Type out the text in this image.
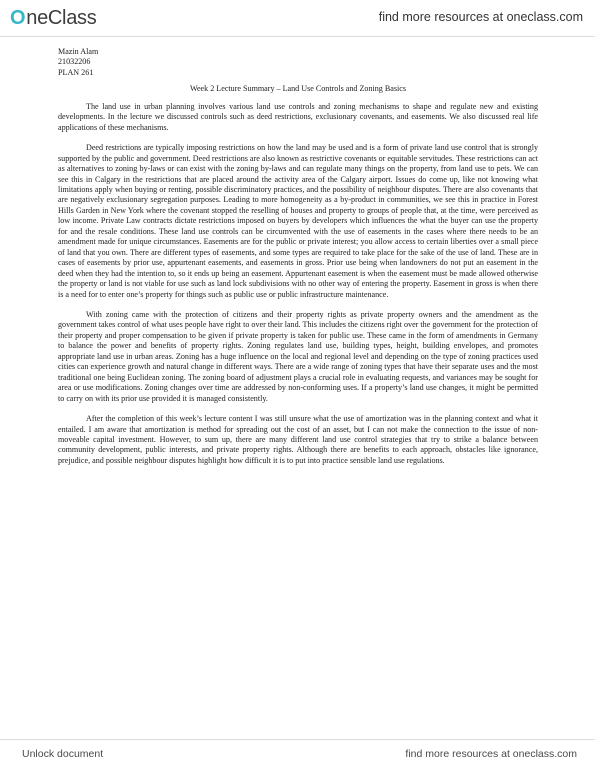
O neClass	find more resources at oneclass.com
Mazin Alam
21032206
PLAN 261
Week 2 Lecture Summary – Land Use Controls and Zoning Basics

The land use in urban planning involves various land use controls and zoning mechanisms to shape and regulate new and existing developments. In the lecture we discussed controls such as deed restrictions, exclusionary covenants, and easements. We also discussed real life applications of these mechanisms.

Deed restrictions are typically imposing restrictions on how the land may be used and is a form of private land use control that is strongly supported by the public and government. Deed restrictions are also known as restrictive covenants or equitable servitudes. These restrictions can act as alternatives to zoning by-laws or can exist with the zoning by-laws and can regulate many things on the property, from land use to pets. We can see this in Calgary in the restrictions that are placed around the activity area of the Calgary airport. Issues do come up, like not knowing what limitations apply when buying or renting, possible discriminatory practices, and the possibility of neighbour disputes. There are also covenants that are negatively exclusionary segregation purposes. Leading to more homogeneity as a by-product in communities, we see this in practice in Forest Hills Garden in New York where the covenant stopped the reselling of houses and property to groups of people that, at the time, were perceived as low income. Private Law contracts dictate restrictions imposed on buyers by developers which influences the what the buyer can use the property for and the resale conditions. These land use controls can be circumvented with the use of easements in the cases where there needs to be an amendment made for unique circumstances. Easements are for the public or private interest; you allow access to certain liberties over a small piece of land that you own. There are different types of easements, and some types are required to take place for the sake of the use of land. These are in cases of easements by prior use, appurtenant easements, and easements in gross. Prior use being when landowners do not put an easement in the deed when they had the intention to, so it ends up being an easement. Appurtenant easement is when the easement must be made allowed otherwise the property or land is not viable for use such as land lock subdivisions with no other way of entering the property. Easement in gross is when there is a need for to enter one’s property for things such as public use or public infrastructure maintenance.

With zoning came with the protection of citizens and their property rights as private property owners and the amendment as the government takes control of what uses people have right to over their land. This includes the citizens right over the government for the protection of their property and proper compensation to be given if private property is taken for public use. These came in the form of amendments in Germany to balance the power and benefits of property rights. Zoning regulates land use, building types, height, building envelopes, and promotes appropriate land use in urban areas. Zoning has a huge influence on the local and regional level and depending on the type of zoning practices used cities can experience growth and natural change in different ways. There are a wide range of zoning types that have their separate uses and the most traditional one being Euclidean zoning. The zoning board of adjustment plays a crucial role in evaluating requests, and variances may be sought for area or use modifications. Zoning changes over time are addressed by non-conforming uses. If a property’s land use changes, it might be permitted to carry on with its prior use provided it is managed consistently.

After the completion of this week’s lecture content I was still unsure what the use of amortization was in the planning context and what it entailed. I am aware that amortization is method for spreading out the cost of an asset, but I can not make the connection to the issue of non-moveable capital investment. However, to sum up, there are many different land use control strategies that try to strike a balance between community development, public interests, and private property rights. Although there are benefits to each approach, obstacles like ignorance, prejudice, and possible neighbour disputes highlight how difficult it is to put into practice sensible land use regulations.

Unlock document	find more resources at oneclass.com
